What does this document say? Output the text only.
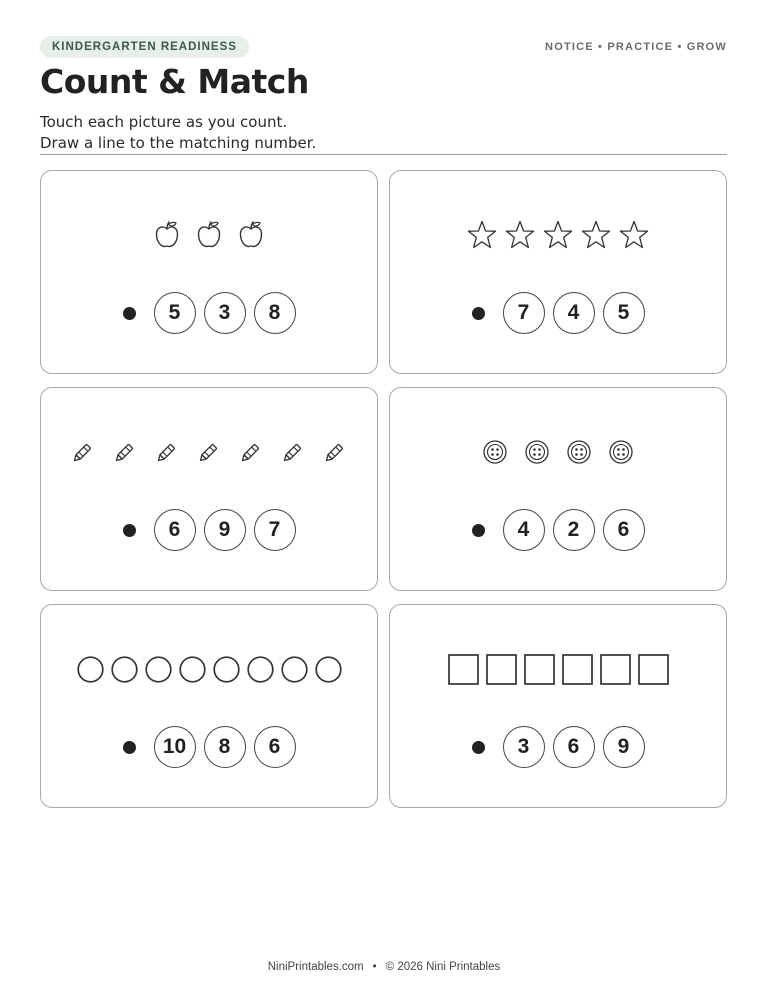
KINDERGARTEN READINESS	NOTICE • PRACTICE • GROW
Count & Match

Touch each picture as you count.
Draw a line to the matching number.

5	3	8	7	4	5
6	9	7	4	2	6
10	8	6	3	6	9
NiniPrintables.com • © 2026 Nini Printables
